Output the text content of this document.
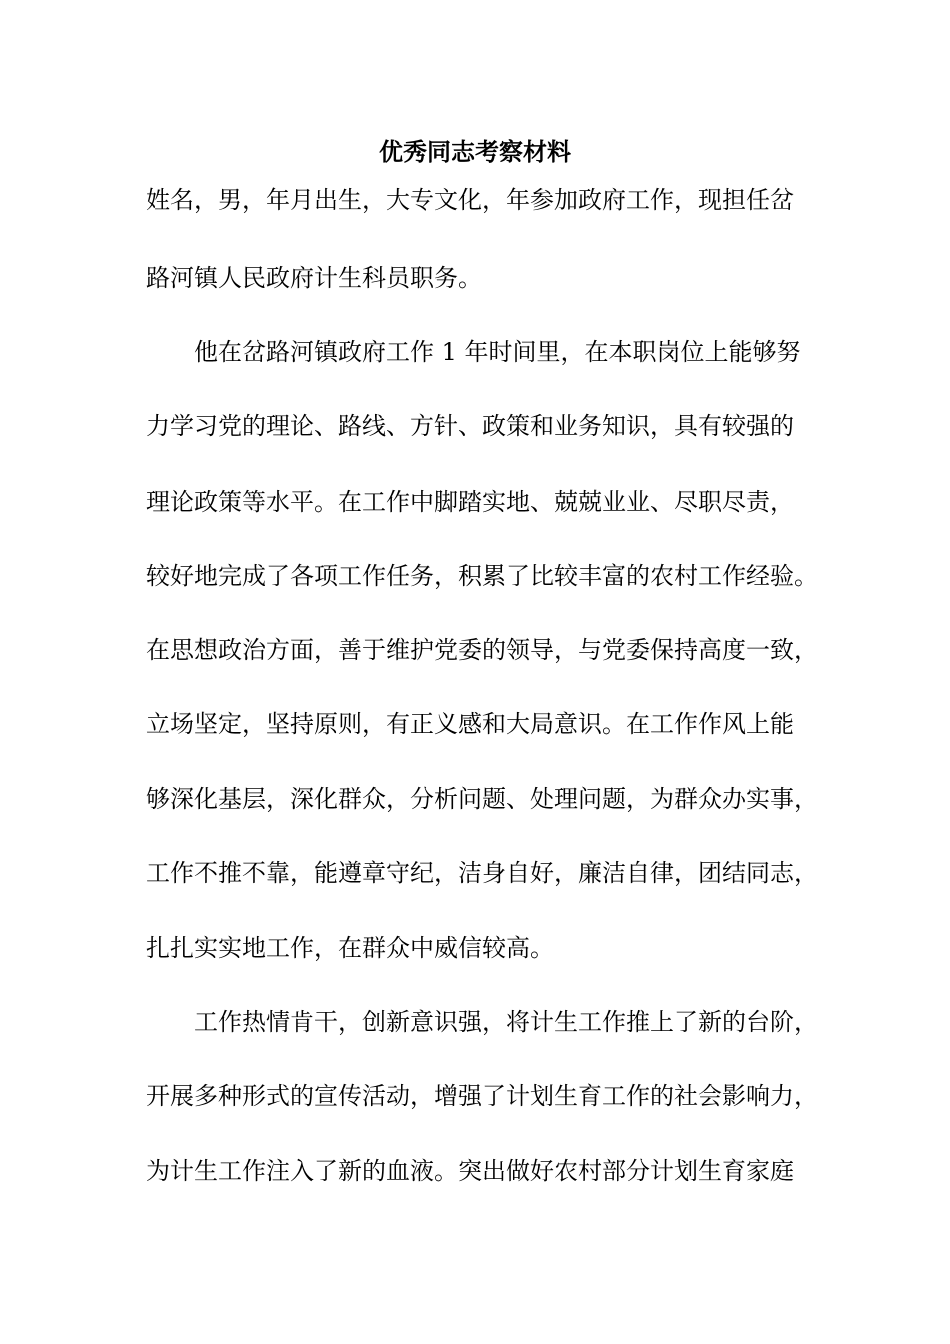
优秀同志考察材料
姓名，男，年月出生，大专文化，年参加政府工作，现担任岔
路河镇人民政府计生科员职务。
　　他在岔路河镇政府工作 1 年时间里，在本职岗位上能够努
力学习党的理论、路线、方针、政策和业务知识，具有较强的
理论政策等水平。在工作中脚踏实地、兢兢业业、尽职尽责，
较好地完成了各项工作任务，积累了比较丰富的农村工作经验。
在思想政治方面，善于维护党委的领导，与党委保持高度一致，
立场坚定，坚持原则，有正义感和大局意识。在工作作风上能
够深化基层，深化群众，分析问题、处理问题，为群众办实事，
工作不推不靠，能遵章守纪，洁身自好，廉洁自律，团结同志，
扎扎实实地工作，在群众中威信较高。
　　工作热情肯干，创新意识强，将计生工作推上了新的台阶，
开展多种形式的宣传活动，增强了计划生育工作的社会影响力，
为计生工作注入了新的血液。突出做好农村部分计划生育家庭
